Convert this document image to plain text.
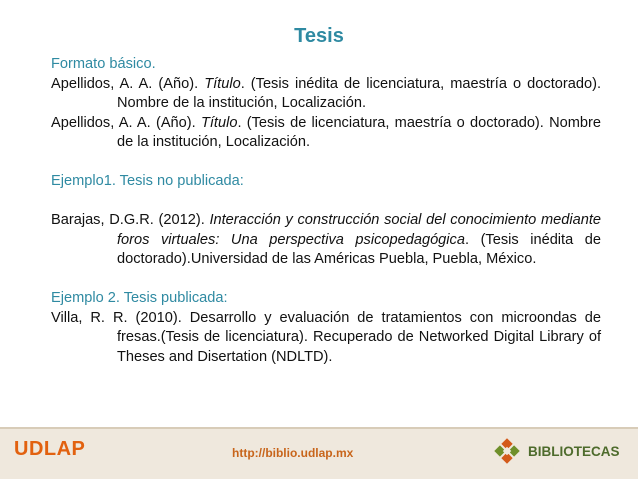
Tesis
Formato básico.
Apellidos, A. A. (Año). Título. (Tesis inédita de licenciatura, maestría o doctorado). Nombre de la institución, Localización.
Apellidos, A. A. (Año). Título. (Tesis de licenciatura, maestría o doctorado). Nombre de la institución, Localización.
Ejemplo1. Tesis no publicada:
Barajas, D.G.R. (2012). Interacción y construcción social del conocimiento mediante foros virtuales: Una perspectiva psicopedagógica. (Tesis inédita de doctorado).Universidad de las Américas Puebla, Puebla, México.
Ejemplo 2. Tesis publicada:
Villa, R. R. (2010). Desarrollo y evaluación de tratamientos con microondas de fresas.(Tesis de licenciatura). Recuperado de Networked Digital Library of Theses and Disertation (NDLTD).
UDLAP	http://biblio.udlap.mx	BIBLIOTECAS
